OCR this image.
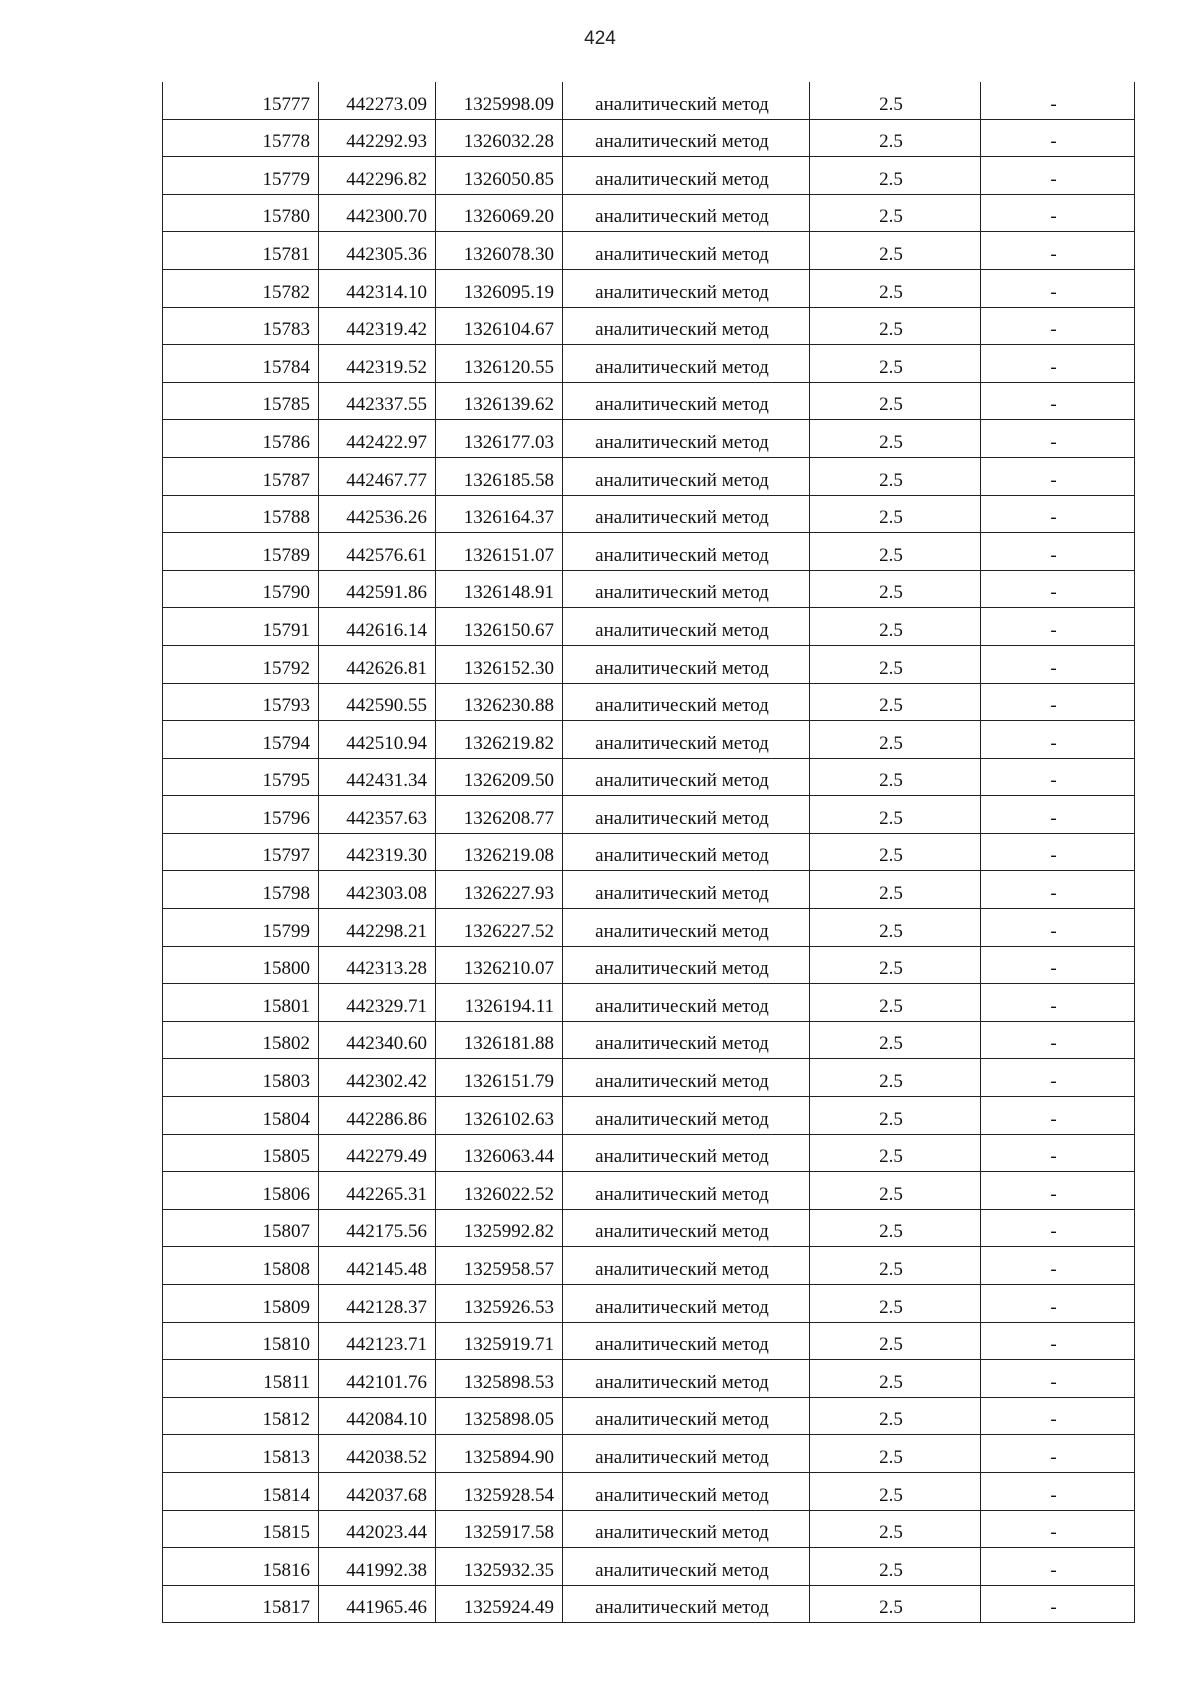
424
15777	442273.09	1325998.09	аналитический метод	2.5	-
15778	442292.93	1326032.28	аналитический метод	2.5	-
15779	442296.82	1326050.85	аналитический метод	2.5	-
15780	442300.70	1326069.20	аналитический метод	2.5	-
15781	442305.36	1326078.30	аналитический метод	2.5	-
15782	442314.10	1326095.19	аналитический метод	2.5	-
15783	442319.42	1326104.67	аналитический метод	2.5	-
15784	442319.52	1326120.55	аналитический метод	2.5	-
15785	442337.55	1326139.62	аналитический метод	2.5	-
15786	442422.97	1326177.03	аналитический метод	2.5	-
15787	442467.77	1326185.58	аналитический метод	2.5	-
15788	442536.26	1326164.37	аналитический метод	2.5	-
15789	442576.61	1326151.07	аналитический метод	2.5	-
15790	442591.86	1326148.91	аналитический метод	2.5	-
15791	442616.14	1326150.67	аналитический метод	2.5	-
15792	442626.81	1326152.30	аналитический метод	2.5	-
15793	442590.55	1326230.88	аналитический метод	2.5	-
15794	442510.94	1326219.82	аналитический метод	2.5	-
15795	442431.34	1326209.50	аналитический метод	2.5	-
15796	442357.63	1326208.77	аналитический метод	2.5	-
15797	442319.30	1326219.08	аналитический метод	2.5	-
15798	442303.08	1326227.93	аналитический метод	2.5	-
15799	442298.21	1326227.52	аналитический метод	2.5	-
15800	442313.28	1326210.07	аналитический метод	2.5	-
15801	442329.71	1326194.11	аналитический метод	2.5	-
15802	442340.60	1326181.88	аналитический метод	2.5	-
15803	442302.42	1326151.79	аналитический метод	2.5	-
15804	442286.86	1326102.63	аналитический метод	2.5	-
15805	442279.49	1326063.44	аналитический метод	2.5	-
15806	442265.31	1326022.52	аналитический метод	2.5	-
15807	442175.56	1325992.82	аналитический метод	2.5	-
15808	442145.48	1325958.57	аналитический метод	2.5	-
15809	442128.37	1325926.53	аналитический метод	2.5	-
15810	442123.71	1325919.71	аналитический метод	2.5	-
15811	442101.76	1325898.53	аналитический метод	2.5	-
15812	442084.10	1325898.05	аналитический метод	2.5	-
15813	442038.52	1325894.90	аналитический метод	2.5	-
15814	442037.68	1325928.54	аналитический метод	2.5	-
15815	442023.44	1325917.58	аналитический метод	2.5	-
15816	441992.38	1325932.35	аналитический метод	2.5	-
15817	441965.46	1325924.49	аналитический метод	2.5	-
